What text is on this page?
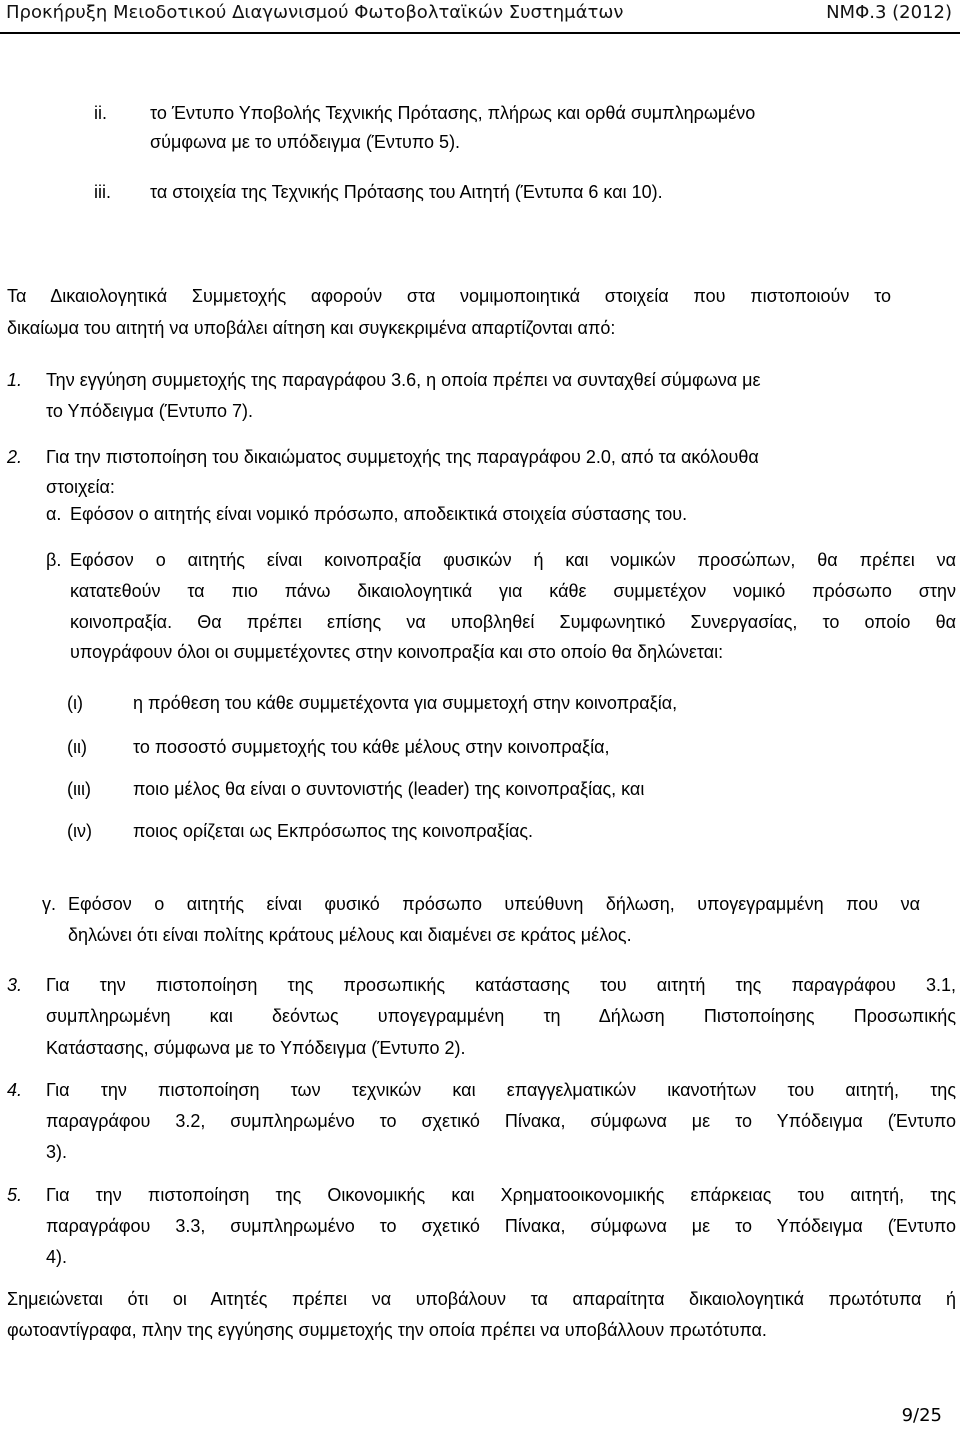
Προκήρυξη Μειοδοτικού Διαγωνισμού Φωτοβολταϊκών Συστημάτων	ΝΜΦ.3 (2012)
ii. το Έντυπο Υποβολής Τεχνικής Πρότασης, πλήρως και ορθά συμπληρωμένο
σύμφωνα με το υπόδειγμα (Έντυπο 5).
iii. τα στοιχεία της Τεχνικής Πρότασης του Αιτητή (Έντυπα 6 και 10).
Τα Δικαιολογητικά Συμμετοχής αφορούν στα νομιμοποιητικά στοιχεία που πιστοποιούν το
δικαίωμα του αιτητή να υποβάλει αίτηση και συγκεκριμένα απαρτίζονται από:
1. Την εγγύηση συμμετοχής της παραγράφου 3.6, η οποία πρέπει να συνταχθεί σύμφωνα με
το Υπόδειγμα (Έντυπο 7).
2. Για την πιστοποίηση του δικαιώματος συμμετοχής της παραγράφου 2.0, από τα ακόλουθα
στοιχεία:
α. Εφόσον ο αιτητής είναι νομικό πρόσωπο, αποδεικτικά στοιχεία σύστασης του.
β. Εφόσον ο αιτητής είναι κοινοπραξία φυσικών ή και νομικών προσώπων, θα πρέπει να
κατατεθούν τα πιο πάνω δικαιολογητικά για κάθε συμμετέχον νομικό πρόσωπο στην
κοινοπραξία. Θα πρέπει επίσης να υποβληθεί Συμφωνητικό Συνεργασίας, το οποίο θα
υπογράφουν όλοι οι συμμετέχοντες στην κοινοπραξία και στο οποίο θα δηλώνεται:
(ι)	η πρόθεση του κάθε συμμετέχοντα για συμμετοχή στην κοινοπραξία,
(ιι)	το ποσοστό συμμετοχής του κάθε μέλους στην κοινοπραξία,
(ιιι) ποιο μέλος θα είναι ο συντονιστής (leader) της κοινοπραξίας, και
(ιν) ποιος ορίζεται ως Εκπρόσωπος της κοινοπραξίας.
γ. Εφόσον ο αιτητής είναι φυσικό πρόσωπο υπεύθυνη δήλωση, υπογεγραμμένη που να
δηλώνει ότι είναι πολίτης κράτους μέλους και διαμένει σε κράτος μέλος.
3. Για την πιστοποίηση της προσωπικής κατάστασης του αιτητή της παραγράφου 3.1,
συμπληρωμένη και δεόντως υπογεγραμμένη τη Δήλωση Πιστοποίησης Προσωπικής
Κατάστασης, σύμφωνα με το Υπόδειγμα (Έντυπο 2).
4. Για την πιστοποίηση των τεχνικών και επαγγελματικών ικανοτήτων του αιτητή, της
παραγράφου 3.2, συμπληρωμένο το σχετικό Πίνακα, σύμφωνα με το Υπόδειγμα (Έντυπο
3).
5. Για την πιστοποίηση της Οικονομικής και Χρηματοοικονομικής επάρκειας του αιτητή, της
παραγράφου 3.3, συμπληρωμένο το σχετικό Πίνακα, σύμφωνα με το Υπόδειγμα (Έντυπο
4).
Σημειώνεται ότι οι Αιτητές πρέπει να υποβάλουν τα απαραίτητα δικαιολογητικά πρωτότυπα ή
φωτοαντίγραφα, πλην της εγγύησης συμμετοχής την οποία πρέπει να υποβάλλουν πρωτότυπα.
9/25
